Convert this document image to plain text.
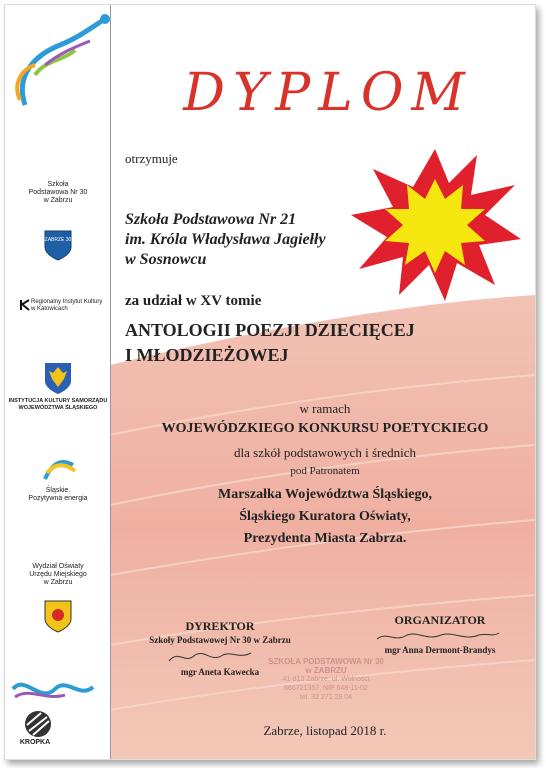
Szkoła
Podstawowa Nr 30
w Zabrzu
ZABRZE 30
Regionalny Instytut Kultury w Katowicach
INSTYTUCJA KULTURY SAMORZĄDU WOJEWÓDZTWA ŚLĄSKIEGO
Śląskie.
Pozytywna energia
Wydział Oświaty
Urzędu Miejskiego
w Zabrzu
KROPKA
DYPLOM
otrzymuje
Szkoła Podstawowa Nr 21
im. Króla Władysława Jagiełły
w Sosnowcu
za udział w XV tomie
ANTOLOGII POEZJI DZIECIĘCEJ
I MŁODZIEŻOWEJ
w ramach
WOJEWÓDZKIEGO KONKURSU POETYCKIEGO
dla szkół podstawowych i średnich
pod Patronatem
Marszałka Województwa Śląskiego,
Śląskiego Kuratora Oświaty,
Prezydenta Miasta Zabrza.
DYREKTOR
Szkoły Podstawowej Nr 30 w Zabrzu
mgr Aneta Kawecka
ORGANIZATOR
mgr Anna Dermont-Brandys
SZKOŁA PODSTAWOWA Nr 30
w ZABRZU
41-813 Zabrze, ul. Wolności
666721357, NIP 648-11-02
tel. 32 271 29 04
Zabrze, listopad 2018 r.
